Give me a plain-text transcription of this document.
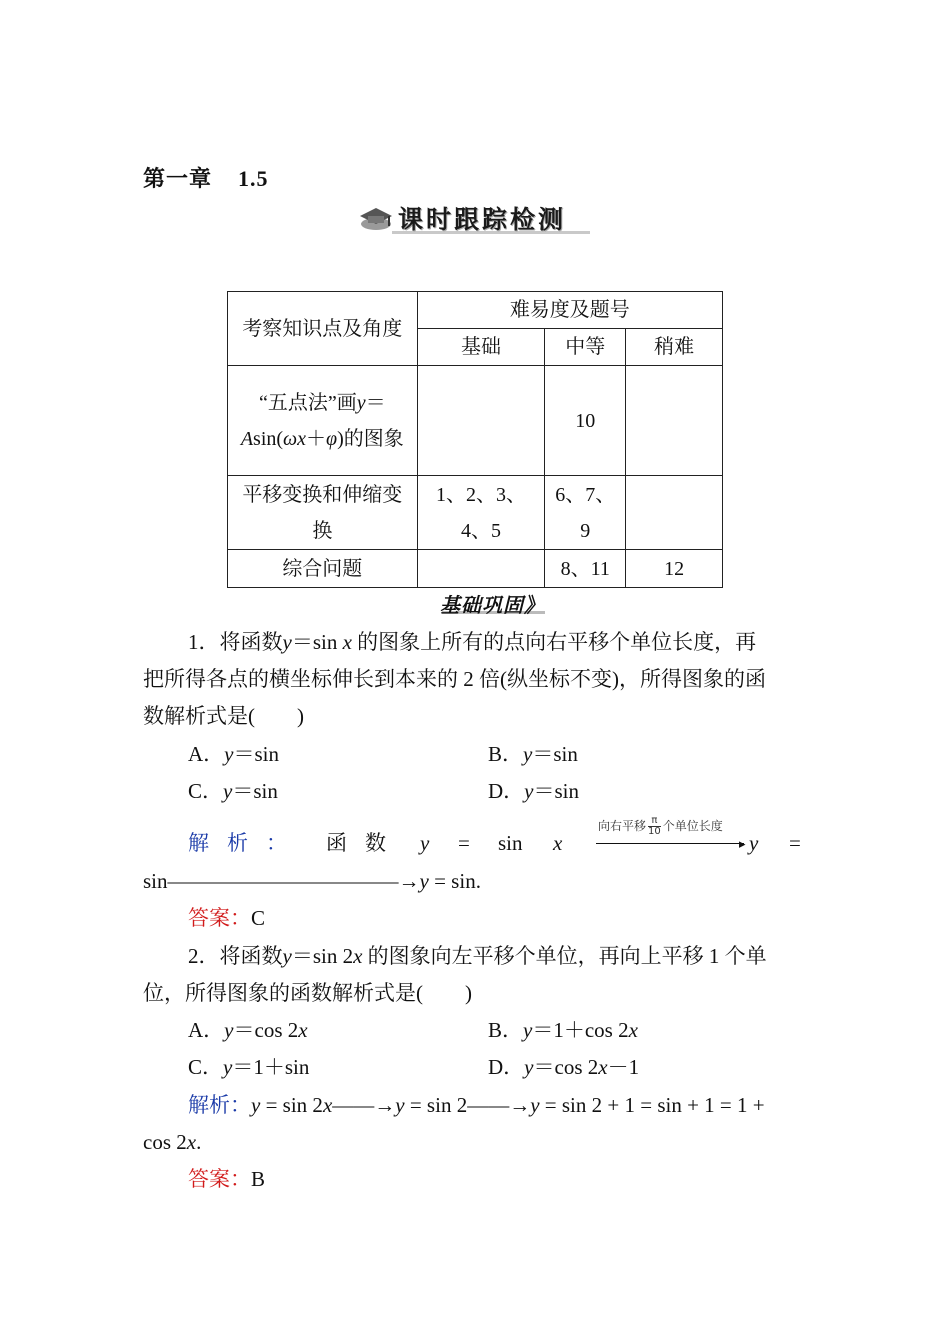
第一章 1.5
课时跟踪检测
考察知识点及角度	难易度及题号		
	基础	中等	稍难
“五点法”画y＝Asin(ωx＋φ)的图象		10	
平移变换和伸缩变换	1、2、3、4、5	6、7、9	
综合问题		8、11	12
基础巩固》
1．将函数y＝sin x 的图象上所有的点向右平移个单位长度，再
把所得各点的横坐标伸长到本来的 2 倍(纵坐标不变)，所得图象的函
数解析式是(　　)
A．y＝sin	B．y＝sin
C．y＝sin	D．y＝sin
解析： 函数 y = sin x
向右平移 $\frac{\pi}{10}$ 个单位长度
▸ y =
sin———————————→y = sin.
答案：C
2．将函数y＝sin 2x 的图象向左平移个单位，再向上平移 1 个单
位，所得图象的函数解析式是(　　)
A．y＝cos 2x	B．y＝1＋cos 2x
C．y＝1＋sin	D．y＝cos 2x－1
解析：y = sin 2x——→y = sin 2——→y = sin 2 + 1 = sin + 1 = 1 +
cos 2x.
答案：B
